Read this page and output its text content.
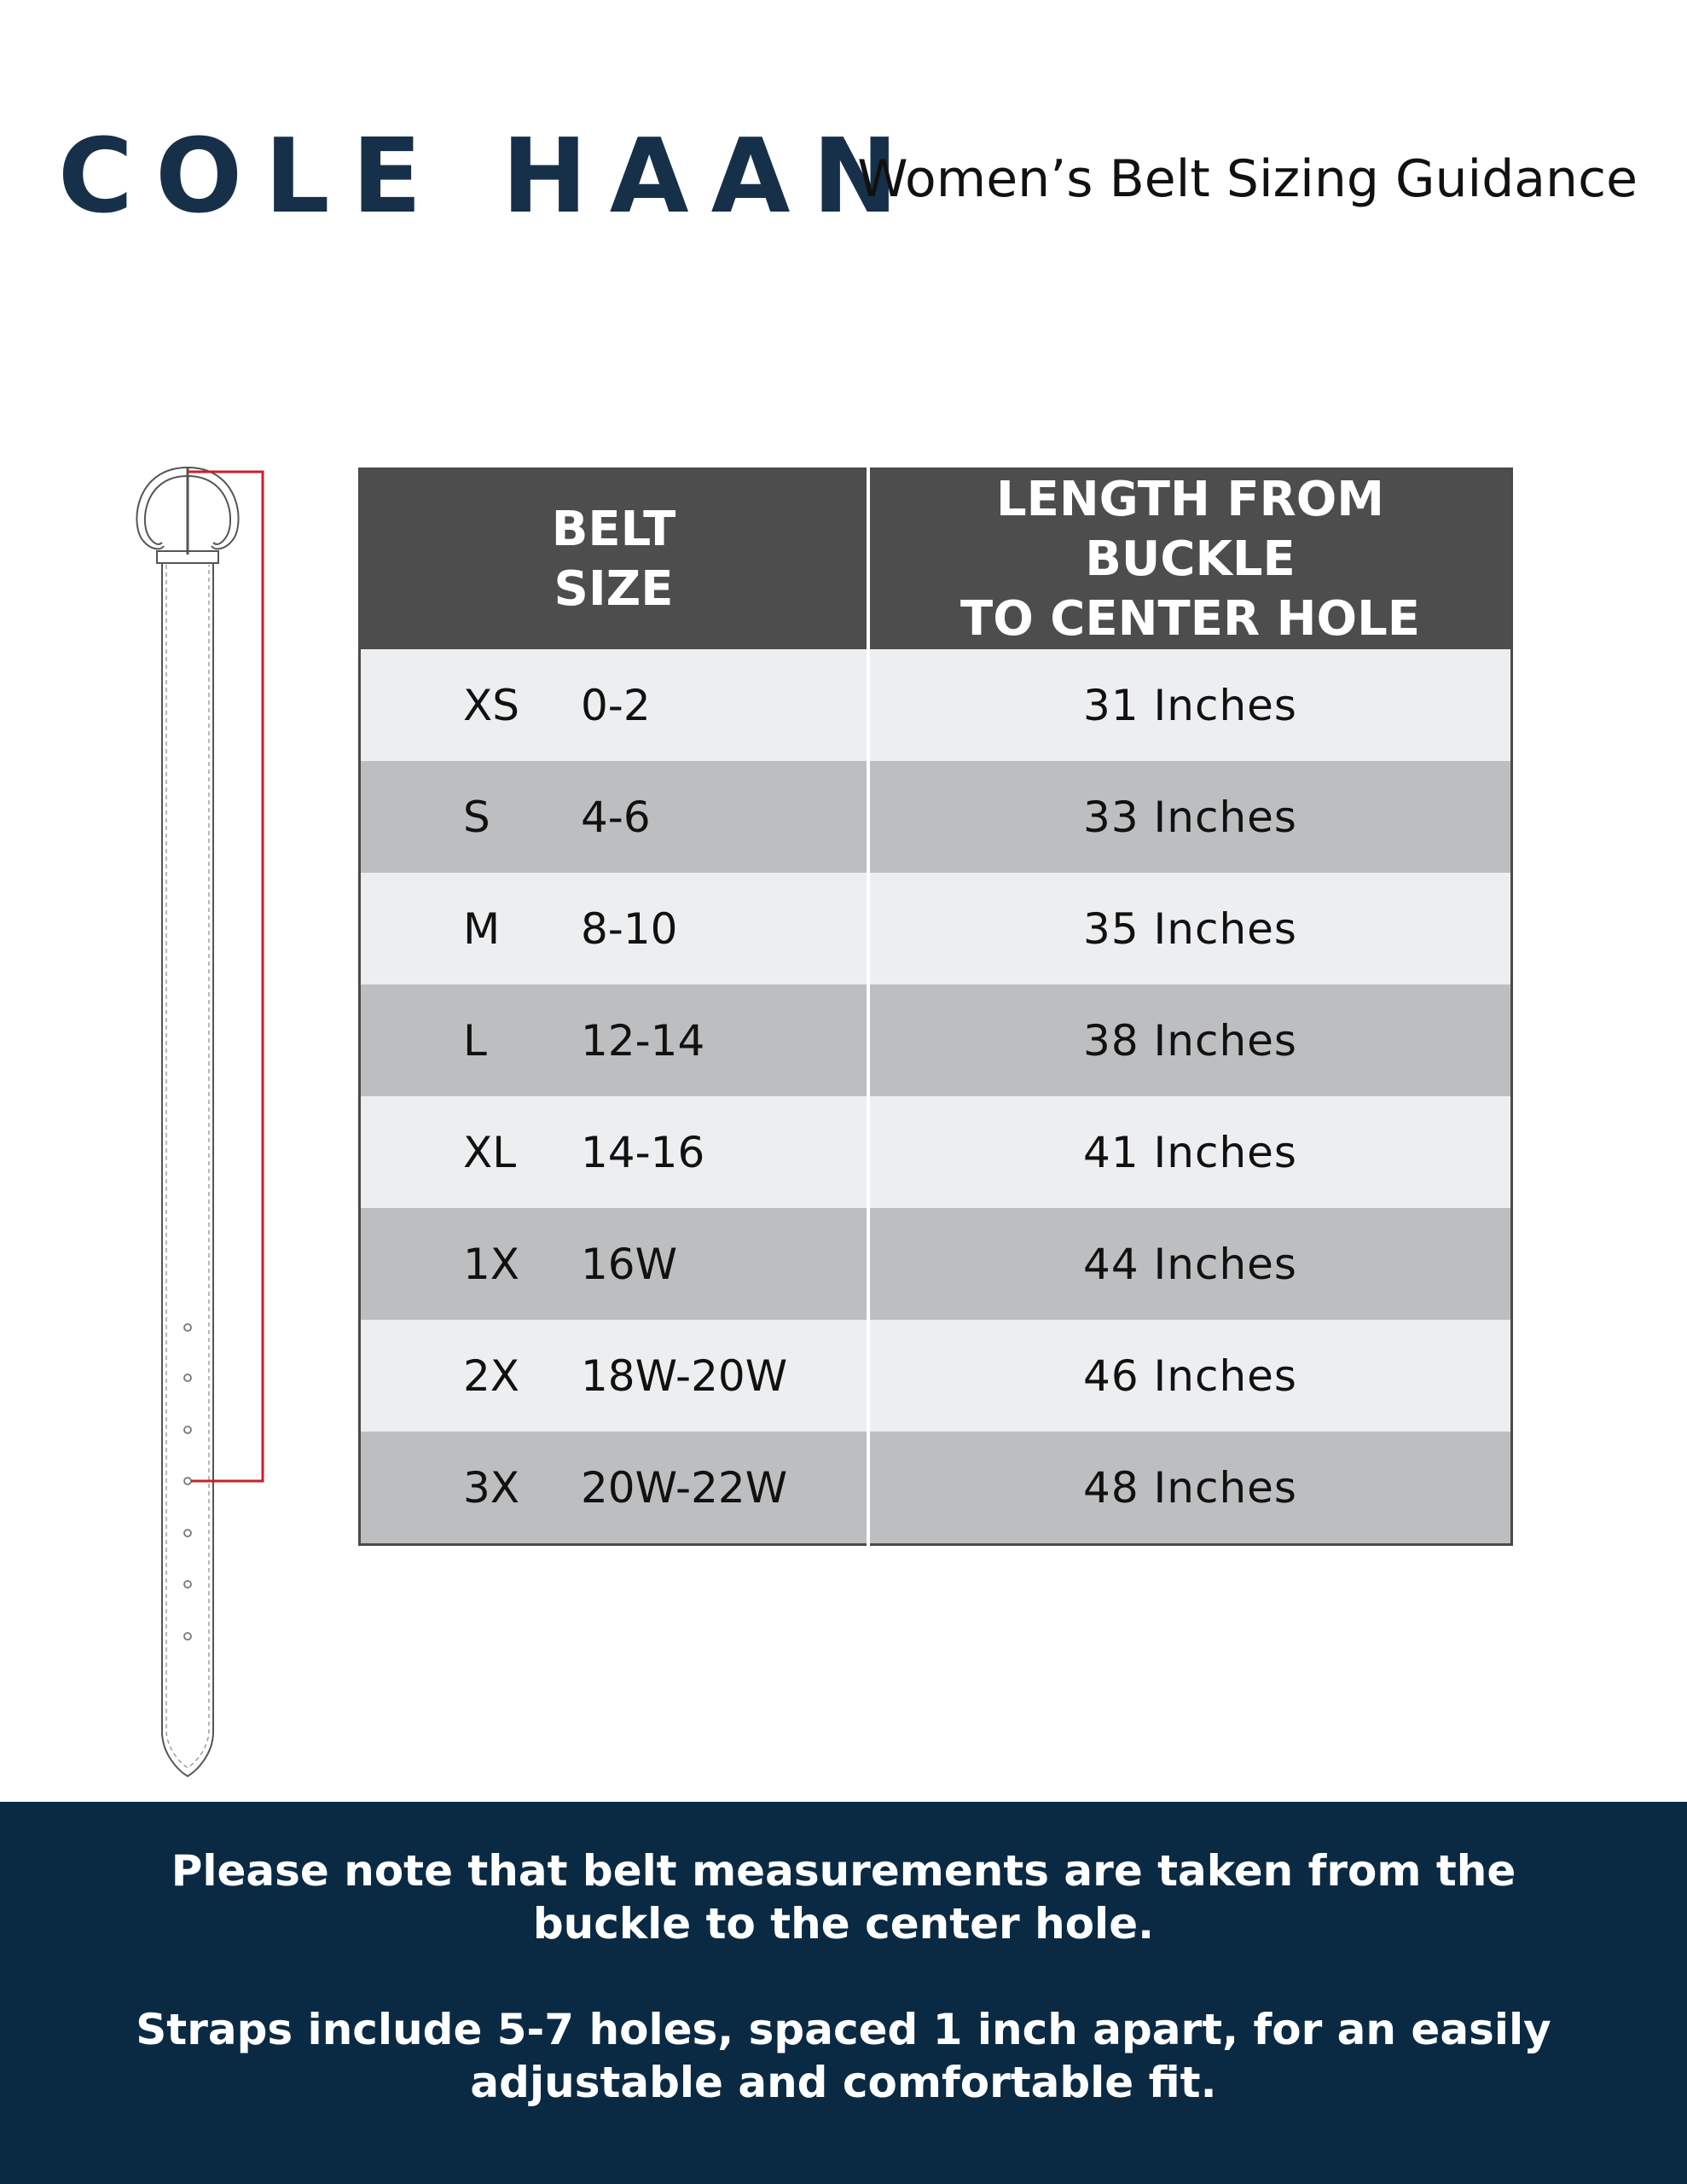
COLE HAAN
Women’s Belt Sizing Guidance
BELT
SIZE	LENGTH FROM BUCKLE
TO CENTER HOLE

XS 0-2	31 Inches

S 4-6	33 Inches

M 8-10	35 Inches

L 12-14	38 Inches

XL 14-16	41 Inches

1X 16W	44 Inches

2X 18W-20W	46 Inches

3X 20W-22W	48 Inches
Please note that belt measurements are taken from the
buckle to the center hole.
Straps include 5-7 holes, spaced 1 inch apart, for an easily
adjustable and comfortable fit.
